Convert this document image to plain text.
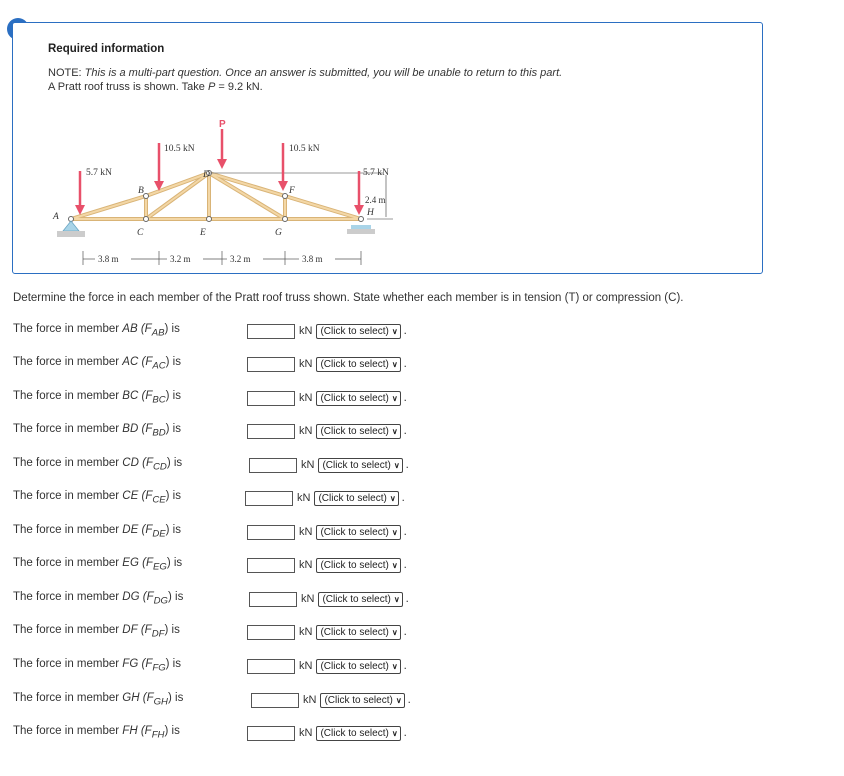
Required information
NOTE: This is a multi-part question. Once an answer is submitted, you will be unable to return to this part.
A Pratt roof truss is shown. Take P = 9.2 kN.
2.4 m
P
5.7 kN
10.5 kN	10.5 kN
5.7 kN
A
B
C
D
E
F
G
H
3.8 m	3.2 m	3.2 m	3.8 m
Determine the force in each member of the Pratt roof truss shown. State whether each member is in tension (T) or compression (C).
The force in member AB $(F_{AB})$ is	kN (Click to select) ∨ .
The force in member AC $(F_{AC})$ is	kN (Click to select) ∨ .
The force in member BC $(F_{BC})$ is	kN (Click to select) ∨ .
The force in member BD $(F_{BD})$ is	kN (Click to select) ∨ .
The force in member CD $(F_{CD})$ is	kN (Click to select) ∨ .
The force in member CE $(F_{CE})$ is	kN (Click to select) ∨ .
The force in member DE $(F_{DE})$ is	kN (Click to select) ∨ .
The force in member EG $(F_{EG})$ is	kN (Click to select) ∨ .
The force in member DG $(F_{DG})$ is	kN (Click to select) ∨ .
The force in member DF $(F_{DF})$ is	kN (Click to select) ∨ .
The force in member FG $(F_{FG})$ is	kN (Click to select) ∨ .
The force in member GH $(F_{GH})$ is	kN (Click to select) ∨ .
The force in member FH $(F_{FH})$ is	kN (Click to select) ∨ .
